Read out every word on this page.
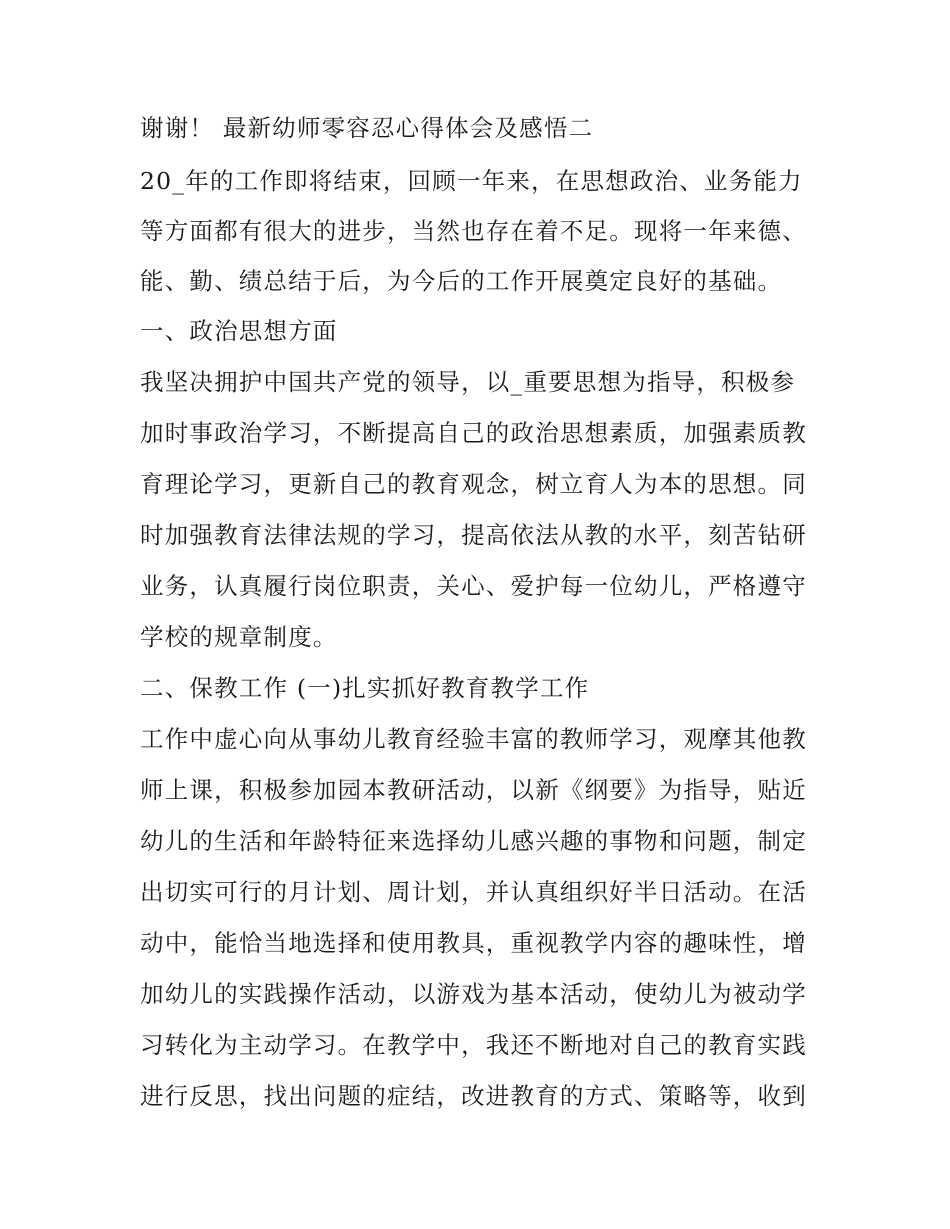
谢谢！ 最新幼师零容忍心得体会及感悟二
20_年的工作即将结束，回顾一年来，在思想政治、业务能力
等方面都有很大的进步，当然也存在着不足。现将一年来德、
能、勤、绩总结于后，为今后的工作开展奠定良好的基础。
一、政治思想方面
我坚决拥护中国共产党的领导，以_重要思想为指导，积极参
加时事政治学习，不断提高自己的政治思想素质，加强素质教
育理论学习，更新自己的教育观念，树立育人为本的思想。同
时加强教育法律法规的学习，提高依法从教的水平，刻苦钻研
业务，认真履行岗位职责，关心、爱护每一位幼儿，严格遵守
学校的规章制度。
二、保教工作 (一)扎实抓好教育教学工作
工作中虚心向从事幼儿教育经验丰富的教师学习，观摩其他教
师上课，积极参加园本教研活动，以新《纲要》为指导，贴近
幼儿的生活和年龄特征来选择幼儿感兴趣的事物和问题，制定
出切实可行的月计划、周计划，并认真组织好半日活动。在活
动中，能恰当地选择和使用教具，重视教学内容的趣味性，增
加幼儿的实践操作活动，以游戏为基本活动，使幼儿为被动学
习转化为主动学习。在教学中，我还不断地对自己的教育实践
进行反思，找出问题的症结，改进教育的方式、策略等，收到
